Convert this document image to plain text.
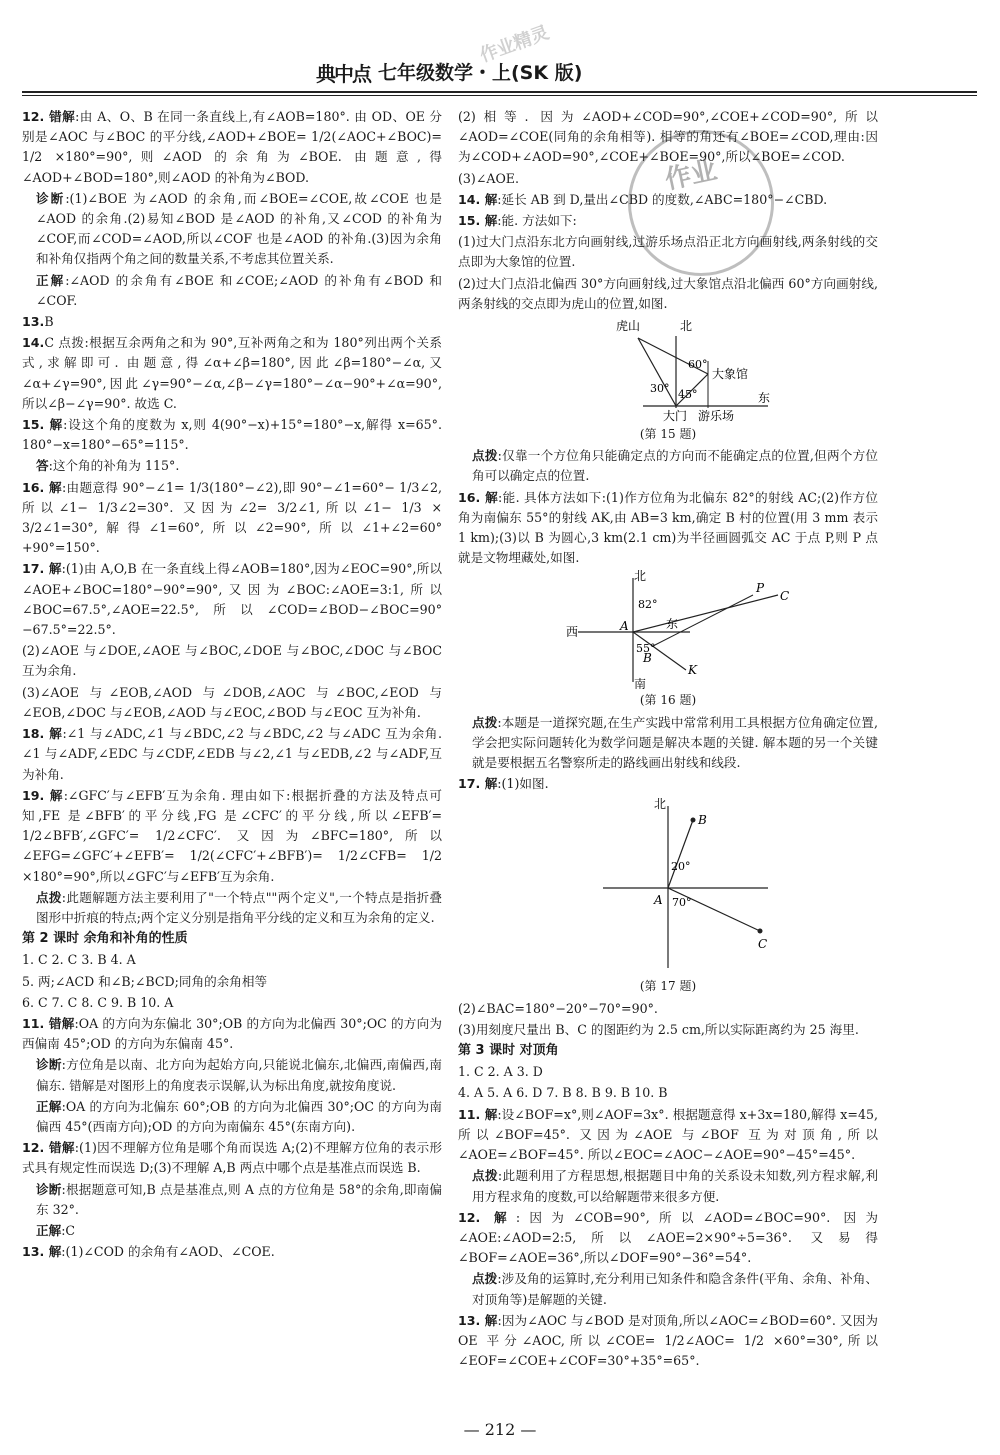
典中点 七年级数学・上(SK 版)
作业精灵
作业

12. 错解:由 A、O、B 在同一条直线上,有∠AOB=180°. 由 OD、OE 分别是∠AOC 与∠BOC 的平分线,∠AOD+∠BOE= 1/2(∠AOC+∠BOC)= 1/2 ×180°=90°,则∠AOD 的余角为∠BOE. 由题意,得∠AOD+∠BOD=180°,则∠AOD 的补角为∠BOD.

诊断:(1)∠BOE 为∠AOD 的余角,而∠BOE=∠COE,故∠COE 也是∠AOD 的余角.(2)易知∠BOD 是∠AOD 的补角,又∠COD 的补角为∠COF,而∠COD=∠AOD,所以∠COF 也是∠AOD 的补角.(3)因为余角和补角仅指两个角之间的数量关系,不考虑其位置关系.

正解:∠AOD 的余角有∠BOE 和∠COE;∠AOD 的补角有∠BOD 和∠COF.

13.B

14.C 点拨:根据互余两角之和为 90°,互补两角之和为 180°列出两个关系式,求解即可. 由题意,得∠α+∠β=180°,因此∠β=180°−∠α,又∠α+∠γ=90°,因此∠γ=90°−∠α,∠β−∠γ=180°−∠α−90°+∠α=90°,所以∠β−∠γ=90°. 故选 C.

15. 解:设这个角的度数为 x,则 4(90°−x)+15°=180°−x,解得 x=65°. 180°−x=180°−65°=115°.

答:这个角的补角为 115°.

16. 解:由题意得 90°−∠1= 1/3(180°−∠2),即 90°−∠1=60°− 1/3∠2,所以∠1− 1/3∠2=30°. 又因为∠2= 3/2∠1,所以∠1− 1/3 × 3/2∠1=30°,解得∠1=60°,所以∠2=90°,所以∠1+∠2=60°+90°=150°.

17. 解:(1)由 A,O,B 在一条直线上得∠AOB=180°,因为∠EOC=90°,所以∠AOE+∠BOC=180°−90°=90°,又因为∠BOC:∠AOE=3:1,所以∠BOC=67.5°,∠AOE=22.5°,所以∠COD=∠BOD−∠BOC=90°−67.5°=22.5°.

(2)∠AOE 与∠DOE,∠AOE 与∠BOC,∠DOE 与∠BOC,∠DOC 与∠BOC 互为余角.

(3)∠AOE 与∠EOB,∠AOD 与∠DOB,∠AOC 与∠BOC,∠EOD 与∠EOB,∠DOC 与∠EOB,∠AOD 与∠EOC,∠BOD 与∠EOC 互为补角.

18. 解:∠1 与∠ADC,∠1 与∠BDC,∠2 与∠BDC,∠2 与∠ADC 互为余角. ∠1 与∠ADF,∠EDC 与∠CDF,∠EDB 与∠2,∠1 与∠EDB,∠2 与∠ADF,互为补角.

19. 解:∠GFC′与∠EFB′互为余角. 理由如下:根据折叠的方法及特点可知,FE 是∠BFB′的平分线,FG 是∠CFC′的平分线,所以∠EFB′= 1/2∠BFB′,∠GFC′= 1/2∠CFC′. 又因为∠BFC=180°,所以∠EFG=∠GFC′+∠EFB′= 1/2(∠CFC′+∠BFB′)= 1/2∠CFB= 1/2 ×180°=90°,所以∠GFC′与∠EFB′互为余角.

点拨:此题解题方法主要利用了"一个特点""两个定义",一个特点是指折叠图形中折痕的特点;两个定义分别是指角平分线的定义和互为余角的定义.

第 2 课时 余角和补角的性质

1. C 2. C 3. B 4. A

5. 两;∠ACD 和∠B;∠BCD;同角的余角相等

6. C 7. C 8. C 9. B 10. A

11. 错解:OA 的方向为东偏北 30°;OB 的方向为北偏西 30°;OC 的方向为西偏南 45°;OD 的方向为东偏南 45°.

诊断:方位角是以南、北方向为起始方向,只能说北偏东,北偏西,南偏西,南偏东. 错解是对图形上的角度表示误解,认为标出角度,就按角度说.

正解:OA 的方向为北偏东 60°;OB 的方向为北偏西 30°;OC 的方向为南偏西 45°(西南方向);OD 的方向为南偏东 45°(东南方向).

12. 错解:(1)因不理解方位角是哪个角而误选 A;(2)不理解方位角的表示形式具有规定性而误选 D;(3)不理解 A,B 两点中哪个点是基准点而误选 B.

诊断:根据题意可知,B 点是基准点,则 A 点的方位角是 58°的余角,即南偏东 32°.

正解:C

13. 解:(1)∠COD 的余角有∠AOD、∠COE.

(2)相等. 因为∠AOD+∠COD=90°,∠COE+∠COD=90°,所以∠AOD=∠COE(同角的余角相等). 相等的角还有∠BOE=∠COD,理由:因为∠COD+∠AOD=90°,∠COE+∠BOE=90°,所以∠BOE=∠COD.

(3)∠AOE.

14. 解:延长 AB 到 D,量出∠CBD 的度数,∠ABC=180°−∠CBD.

15. 解:能. 方法如下:

(1)过大门点沿东北方向画射线,过游乐场点沿正北方向画射线,两条射线的交点即为大象馆的位置.

(2)过大门点沿北偏西 30°方向画射线,过大象馆点沿北偏西 60°方向画射线,两条射线的交点即为虎山的位置,如图.

虎山	北
60°
30° 45°
大象馆
东
大门 游乐场
(第 15 题)

点拨:仅靠一个方位角只能确定点的方向而不能确定点的位置,但两个方位角可以确定点的位置.

16. 解:能. 具体方法如下:(1)作方位角为北偏东 82°的射线 AC;(2)作方位角为南偏东 55°的射线 AK,由 AB=3 km,确定 B 村的位置(用 3 mm 表示 1 km);(3)以 B 为圆心,3 km(2.1 cm)为半径画圆弧交 AC 于点 P,则 P 点就是文物埋藏处,如图.

北
82°
P
C
西	A	东
55°
B
K
南
(第 16 题)

点拨:本题是一道探究题,在生产实践中常常利用工具根据方位角确定位置,学会把实际问题转化为数学问题是解决本题的关键. 解本题的另一个关键就是要根据五名警察所走的路线画出射线和线段.

17. 解:(1)如图.

北
B
20°
A 70°
C
(第 17 题)

(2)∠BAC=180°−20°−70°=90°.

(3)用刻度尺量出 B、C 的图距约为 2.5 cm,所以实际距离约为 25 海里.

第 3 课时 对顶角

1. C 2. A 3. D

4. A 5. A 6. D 7. B 8. B 9. B 10. B

11. 解:设∠BOF=x°,则∠AOF=3x°. 根据题意得 x+3x=180,解得 x=45,所以∠BOF=45°. 又因为∠AOE 与∠BOF 互为对顶角,所以∠AOE=∠BOF=45°. 所以∠EOC=∠AOC−∠AOE=90°−45°=45°.

点拨:此题利用了方程思想,根据题目中角的关系设未知数,列方程求解,利用方程求角的度数,可以给解题带来很多方便.

12. 解:因为∠COB=90°,所以∠AOD=∠BOC=90°. 因为∠AOE:∠AOD=2:5,所以∠AOE=2×90°÷5=36°. 又易得∠BOF=∠AOE=36°,所以∠DOF=90°−36°=54°.

点拨:涉及角的运算时,充分利用已知条件和隐含条件(平角、余角、补角、对顶角等)是解题的关键.

13. 解:因为∠AOC 与∠BOD 是对顶角,所以∠AOC=∠BOD=60°. 又因为 OE 平分∠AOC,所以∠COE= 1/2∠AOC= 1/2 ×60°=30°,所以∠EOF=∠COE+∠COF=30°+35°=65°.

— 212 —
